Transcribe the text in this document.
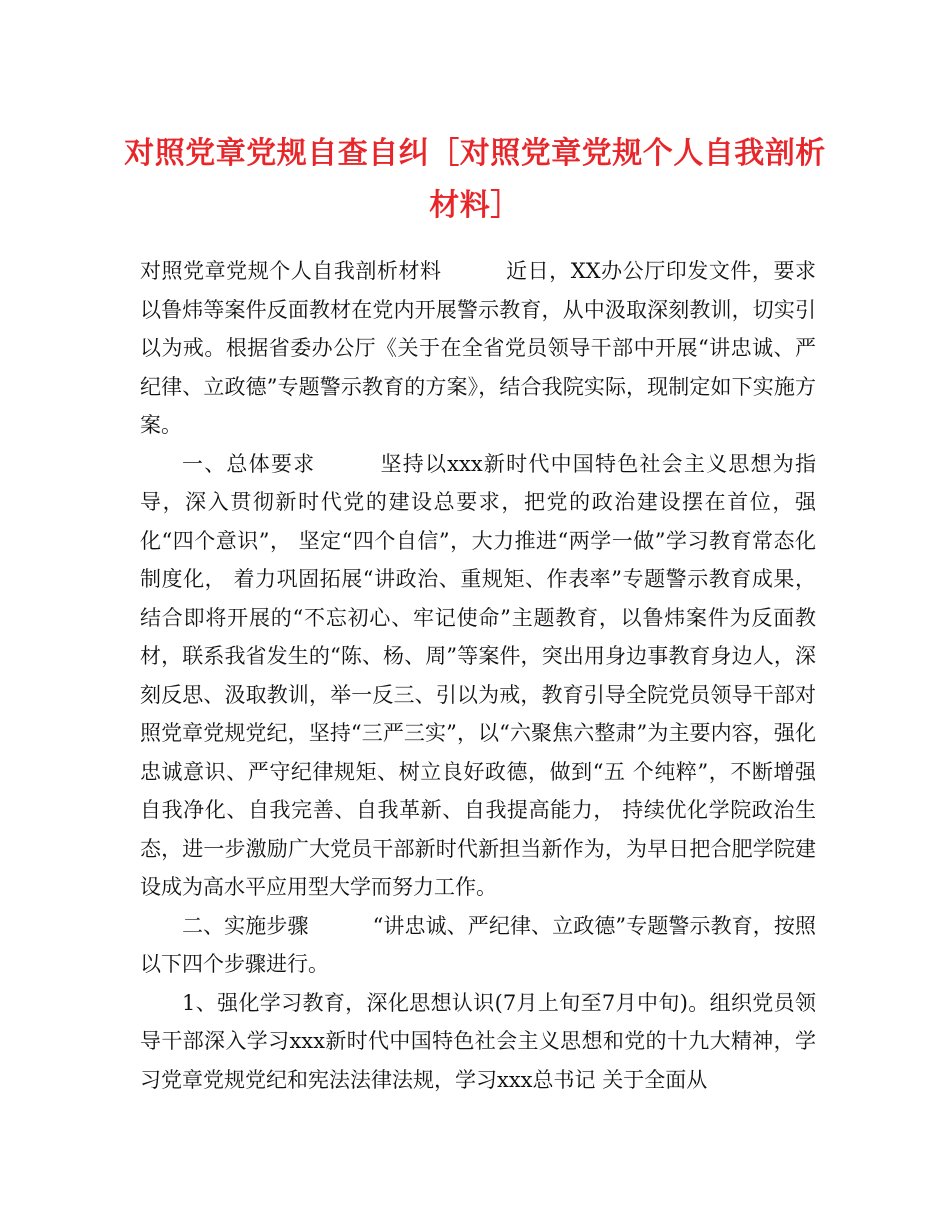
对照党章党规自查自纠［对照党章党规个人自我剖析材料］

对照党章党规个人自我剖析材料	近日，XX办公厅印发文件，要求以鲁炜等案件反面教材在党内开展警示教育，从中汲取深刻教训，切实引以为戒。根据省委办公厅《关于在全省党员领导干部中开展“讲忠诚、严纪律、立政德”专题警示教育的方案》，结合我院实际，现制定如下实施方案。

一、总体要求	坚持以xxx新时代中国特色社会主义思想为指导，深入贯彻新时代党的建设总要求，把党的政治建设摆在首位，强化“四个意识”， 坚定“四个自信”，大力推进“两学一做”学习教育常态化制度化， 着力巩固拓展“讲政治、重规矩、作表率”专题警示教育成果，结合即将开展的“不忘初心、牢记使命”主题教育，以鲁炜案件为反面教材，联系我省发生的“陈、杨、周”等案件，突出用身边事教育身边人，深刻反思、汲取教训，举一反三、引以为戒，教育引导全院党员领导干部对照党章党规党纪，坚持“三严三实”，以“六聚焦六整肃”为主要内容，强化忠诚意识、严守纪律规矩、树立良好政德，做到“五 个纯粹”，不断增强自我净化、自我完善、自我革新、自我提高能力， 持续优化学院政治生态，进一步激励广大党员干部新时代新担当新作为，为早日把合肥学院建设成为高水平应用型大学而努力工作。

二、实施步骤	“讲忠诚、严纪律、立政德”专题警示教育，按照以下四个步骤进行。

1、强化学习教育，深化思想认识(7月上旬至7月中旬)。组织党员领导干部深入学习xxx新时代中国特色社会主义思想和党的十九大精神，学习党章党规党纪和宪法法律法规，学习xxx总书记 关于全面从
